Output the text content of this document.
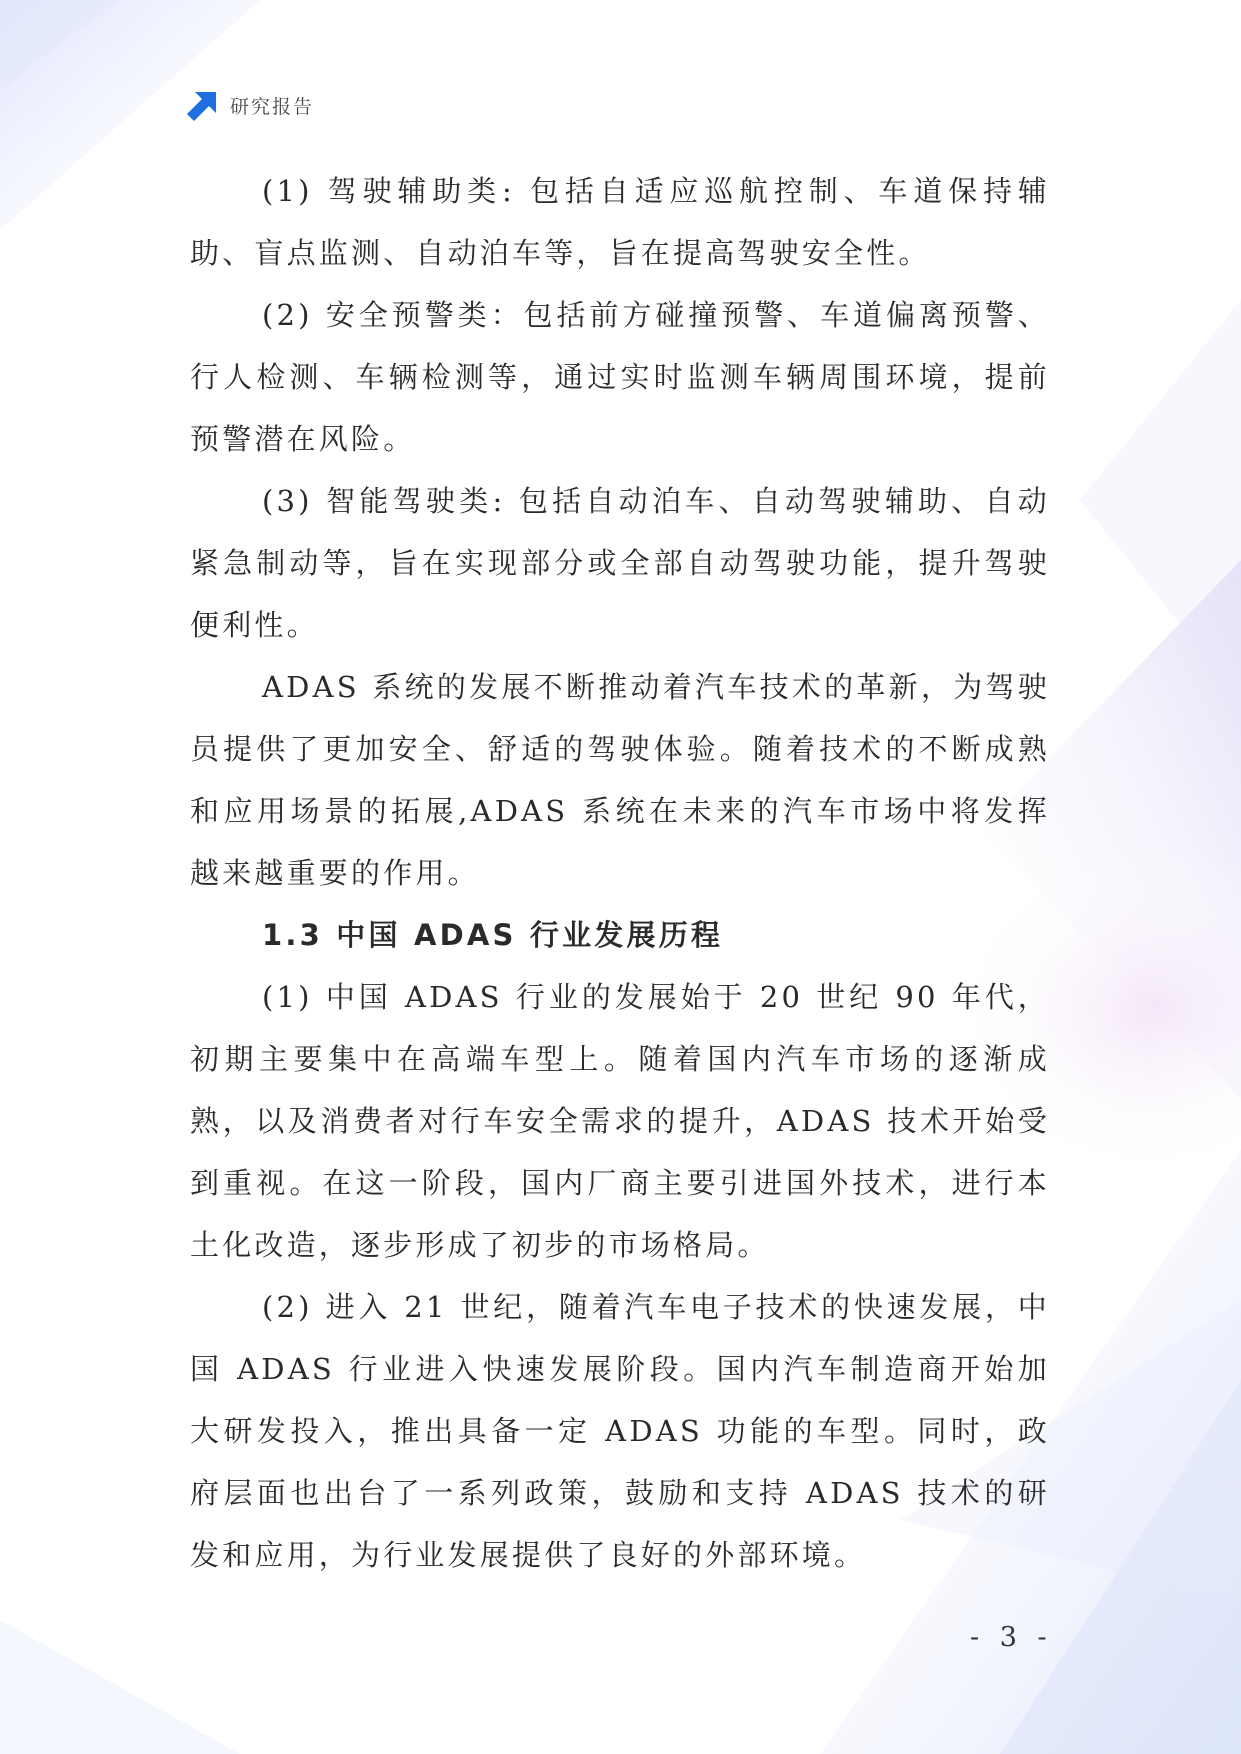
研究报告

(1) 驾驶辅助类: 包括自适应巡航控制、车道保持辅助、盲点监测、自动泊车等，旨在提高驾驶安全性。

(2) 安全预警类：包括前方碰撞预警、车道偏离预警、行人检测、车辆检测等，通过实时监测车辆周围环境，提前预警潜在风险。

(3) 智能驾驶类: 包括自动泊车、自动驾驶辅助、自动紧急制动等，旨在实现部分或全部自动驾驶功能，提升驾驶便利性。

ADAS 系统的发展不断推动着汽车技术的革新，为驾驶员提供了更加安全、舒适的驾驶体验。随着技术的不断成熟和应用场景的拓展,ADAS 系统在未来的汽车市场中将发挥越来越重要的作用。

1.3 中国 ADAS 行业发展历程

(1) 中国 ADAS 行业的发展始于 20 世纪 90 年代，初期主要集中在高端车型上。随着国内汽车市场的逐渐成熟，以及消费者对行车安全需求的提升，ADAS 技术开始受到重视。在这一阶段，国内厂商主要引进国外技术，进行本土化改造，逐步形成了初步的市场格局。

(2) 进入 21 世纪，随着汽车电子技术的快速发展，中国 ADAS 行业进入快速发展阶段。国内汽车制造商开始加大研发投入，推出具备一定 ADAS 功能的车型。同时，政府层面也出台了一系列政策，鼓励和支持 ADAS 技术的研发和应用，为行业发展提供了良好的外部环境。

- 3 -
